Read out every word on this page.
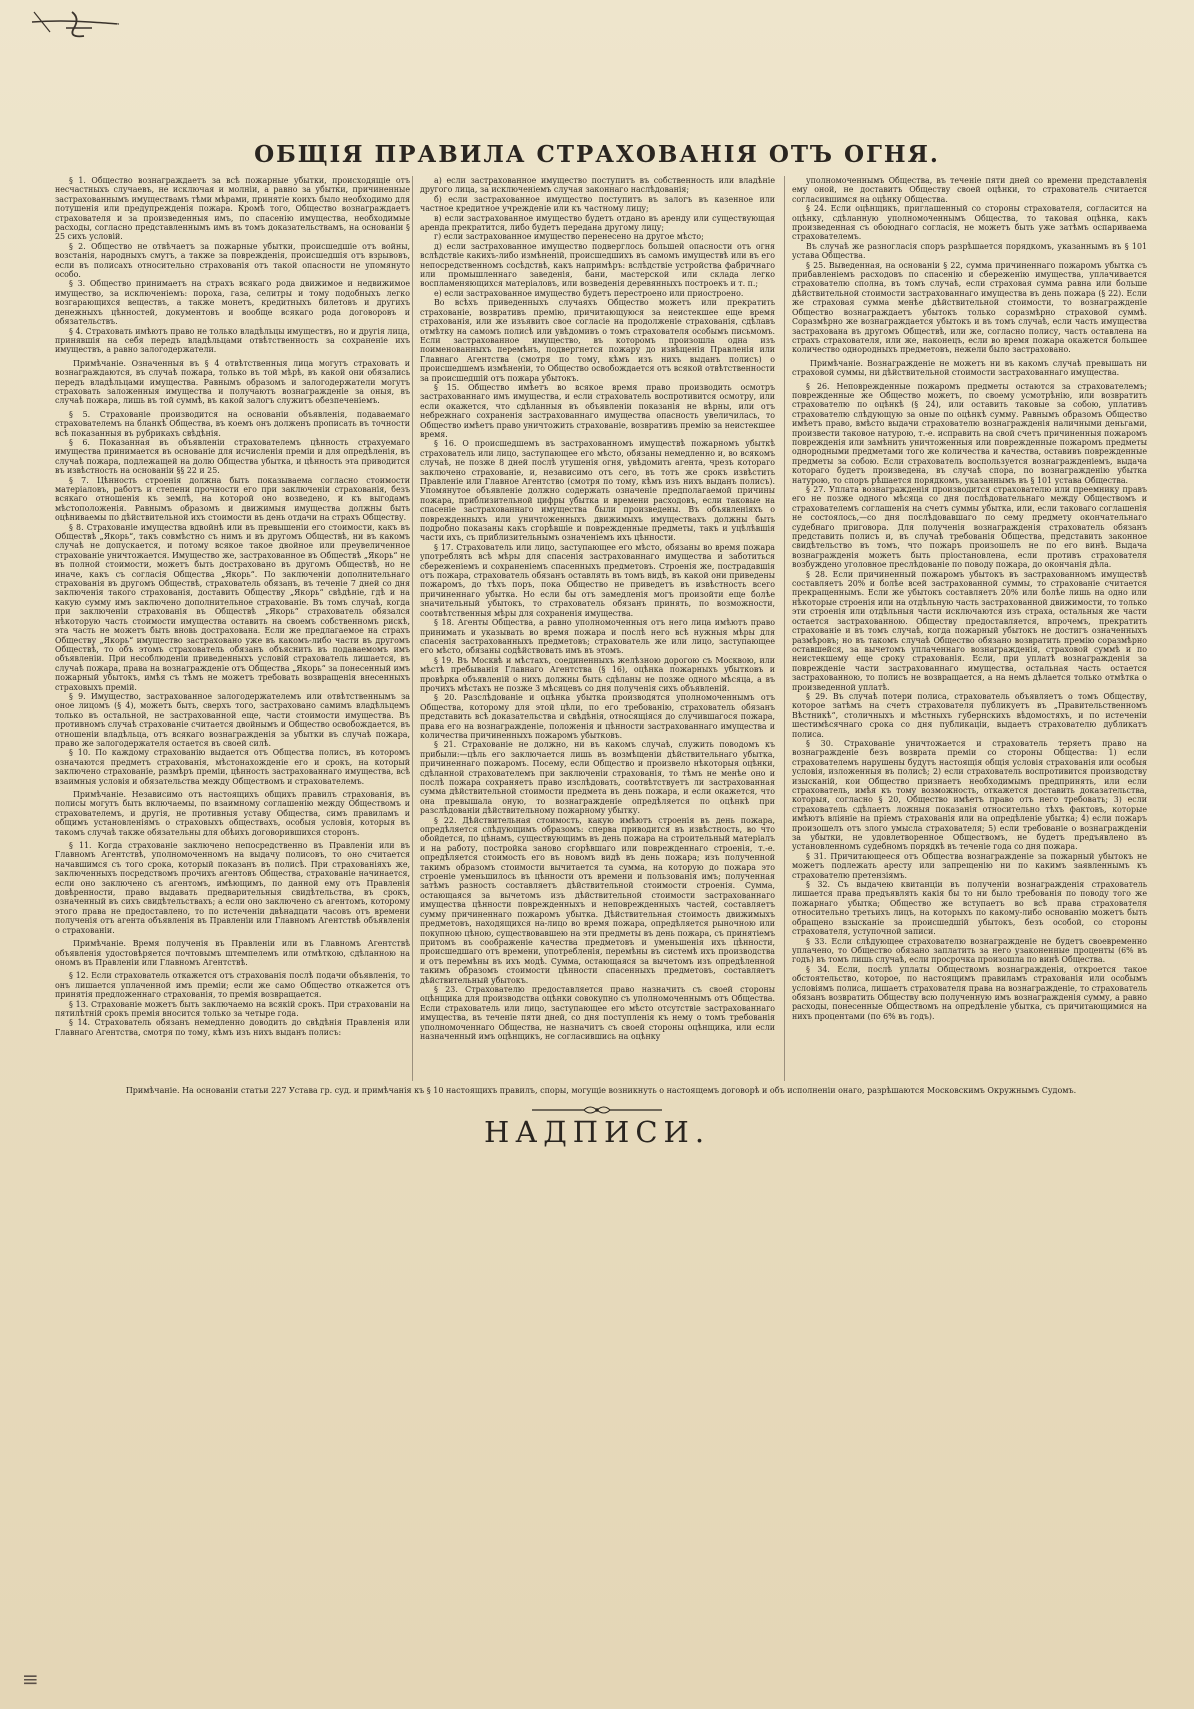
ОБЩІЯ ПРАВИЛА СТРАХОВАНІЯ ОТЪ ОГНЯ.

§ 1. Общество вознаграждаетъ за всѣ пожарные убытки, происходящіе отъ несчастныхъ случаевъ, не исключая и молніи, а равно за убытки, причиненные застрахованнымъ имуществамъ тѣми мѣрами, принятіе коихъ было необходимо для потушенія или предупрежденія пожара. Кромѣ того, Общество вознаграждаетъ страхователя и за произведенныя имъ, по спасенію имущества, необходимые расходы, согласно представленнымъ имъ въ томъ доказательствамъ, на основаніи § 25 сихъ условій.

§ 2. Общество не отвѣчаетъ за пожарные убытки, происшедшіе отъ войны, возстанія, народныхъ смутъ, а также за поврежденія, происшедшія отъ взрывовъ, если въ полисахъ относительно страхованія отъ такой опасности не упомянуто особо.

§ 3. Общество принимаетъ на страхъ всякаго рода движимое и недвижимое имущество, за исключеніемъ: пороха, газа, селитры и тому подобныхъ легко возгарающихся веществъ, а также монетъ, кредитныхъ билетовъ и другихъ денежныхъ цѣнностей, документовъ и вообще всякаго рода договоровъ и обязательствъ.

§ 4. Страховать имѣютъ право не только владѣльцы имуществъ, но и другія лица, принявшія на себя передъ владѣльцами отвѣтственность за сохраненіе ихъ имуществъ, а равно залогодержатели.

Примѣчаніе. Означенныя въ § 4 отвѣтственныя лица могутъ страховать и вознаграждаются, въ случаѣ пожара, только въ той мѣрѣ, въ какой они обязались передъ владѣльцами имущества. Равнымъ образомъ и залогодержатели могутъ страховать заложенныя имущества и получаютъ вознагражденіе за оныя, въ случаѣ пожара, лишь въ той суммѣ, въ какой залогъ служитъ обезпеченіемъ.

§ 5. Страхованіе производится на основаніи объявленія, подаваемаго страхователемъ на бланкѣ Общества, въ коемъ онъ долженъ прописать въ точности всѣ показанныя въ рубрикахъ свѣдѣнія.

§ 6. Показанная въ объявленіи страхователемъ цѣнность страхуемаго имущества принимается въ основаніе для исчисленія преміи и для опредѣленія, въ случаѣ пожара, подлежащей на долю Общества убытка, и цѣнность эта приводится въ извѣстность на основаніи §§ 22 и 25.

§ 7. Цѣнность строенія должна быть показываема согласно стоимости матеріаловъ, работъ и степени прочности его при заключеніи страхованія, безъ всякаго отношенія къ землѣ, на которой оно возведено, и къ выгодамъ мѣстоположенія. Равнымъ образомъ и движимыя имущества должны быть оцѣниваемы по дѣйствительной ихъ стоимости въ день отдачи на страхъ Обществу.

§ 8. Страхованіе имущества вдвойнѣ или въ превышеніи его стоимости, какъ въ Обществѣ „Якорь“, такъ совмѣстно съ нимъ и въ другомъ Обществѣ, ни въ какомъ случаѣ не допускается, и потому всякое такое двойное или преувеличенное страхованіе уничтожается. Имущество же, застрахованное въ Обществѣ „Якорь“ не въ полной стоимости, можетъ быть дострахованo въ другомъ Обществѣ, но не иначе, какъ съ согласія Общества „Якорь“. По заключеніи дополнительнаго страхованія въ другомъ Обществѣ, страхователь обязанъ, въ теченіе 7 дней со дня заключенія такого страхованія, доставить Обществу „Якорь“ свѣдѣніе, гдѣ и на какую сумму имъ заключено дополнительное страхованіе. Въ томъ случаѣ, когда при заключеніи страхованія въ Обществѣ „Якорь“ страхователь обязался нѣкоторую часть стоимости имущества оставить на своемъ собственномъ рискѣ, эта часть не можетъ быть вновь дострахована. Если же предлагаемое на страхъ Обществу „Якорь“ имущество застраховано уже въ какомъ-либо части въ другомъ Обществѣ, то объ этомъ страхователь обязанъ объяснить въ подаваемомъ имъ объявленіи. При несоблюденіи приведенныхъ условій страхователь лишается, въ случаѣ пожара, права на вознагражденіе отъ Общества „Якорь“ за понесенный имъ пожарный убытокъ, имѣя съ тѣмъ не можетъ требовать возвращенія внесенныхъ страховыхъ премій.

§ 9. Имущество, застрахованное залогодержателемъ или отвѣтственнымъ за оное лицомъ (§ 4), можетъ быть, сверхъ того, застраховано самимъ владѣльцемъ только въ остальной, не застрахованной еще, части стоимости имущества. Въ противномъ случаѣ страхованіе считается двойнымъ и Общество освобождается, въ отношеніи владѣльца, отъ всякаго вознагражденія за убытки въ случаѣ пожара, право же залогодержателя остается въ своей силѣ.

§ 10. По каждому страхованію выдается отъ Общества полисъ, въ которомъ означаются предметъ страхованія, мѣстонахожденіе его и срокъ, на который заключено страхованіе, размѣръ преміи, цѣнность застрахованнаго имущества, всѣ взаимныя условія и обязательства между Обществомъ и страхователемъ.

Примѣчаніе. Независимо отъ настоящихъ общихъ правилъ страхованія, въ полисы могутъ быть включаемы, по взаимному соглашенію между Обществомъ и страхователемъ, и другія, не противныя уставу Общества, симъ правиламъ и общимъ установленіямъ о страховыхъ обществахъ, особыя условія, которыя въ такомъ случаѣ также обязательны для обѣихъ договорившихся сторонъ.

§ 11. Когда страхованіе заключено непосредственно въ Правленіи или въ Главномъ Агентствѣ, уполномоченномъ на выдачу полисовъ, то оно считается начавшимся съ того срока, который показанъ въ полисѣ. При страхованіяхъ же, заключенныхъ посредствомъ прочихъ агентовъ Общества, страхованіе начинается, если оно заключено съ агентомъ, имѣющимъ, по данной ему отъ Правленія довѣренности, право выдавать предварительныя свидѣтельства, въ срокъ, означенный въ сихъ свидѣтельствахъ; а если оно заключено съ агентомъ, которому этого права не предоставлено, то по истеченіи двѣнадцати часовъ отъ времени полученія отъ агента объявленія въ Правленіи или Главномъ Агентствѣ объявленія о страхованіи.

Примѣчаніе. Время полученія въ Правленіи или въ Главномъ Агентствѣ объявленія удостовѣряется почтовымъ штемпелемъ или отмѣткою, сдѣланною на ономъ въ Правленіи или Главномъ Агентствѣ.

§ 12. Если страхователь откажется отъ страхованія послѣ подачи объявленія, то онъ лишается уплаченной имъ преміи; если же само Общество откажется отъ принятія предложеннаго страхованія, то премія возвращается.

§ 13. Страхованіе можетъ быть заключаемо на всякій срокъ. При страхованіи на пятилѣтній срокъ премія вносится только за четыре года.

§ 14. Страхователь обязанъ немедленно доводить до свѣдѣнія Правленія или Главнаго Агентства, смотря по тому, кѣмъ изъ нихъ выданъ полисъ:

а) если застрахованное имущество поступитъ въ собственность или владѣніе другого лица, за исключеніемъ случая законнаго наслѣдованія;

б) если застрахованное имущество поступитъ въ залогъ въ казенное или частное кредитное учрежденіе или къ частному лицу;

в) если застрахованное имущество будетъ отдано въ аренду или существующая аренда прекратится, либо будетъ передана другому лицу;

г) если застрахованное имущество перенесено на другое мѣсто;

д) если застрахованное имущество подверглось большей опасности отъ огня вслѣдствіе какихъ-либо измѣненій, происшедшихъ въ самомъ имуществѣ или въ его непосредственномъ сосѣдствѣ, какъ напримѣръ: вслѣдствіе устройства фабричнаго или промышленнаго заведенія, бани, мастерской или склада легко воспламеняющихся матеріаловъ, или возведенія деревянныхъ построекъ и т. п.;

е) если застрахованное имущество будетъ перестроено или приостроено.

Во всѣхъ приведенныхъ случаяхъ Общество можетъ или прекратить страхованіе, возвративъ премію, причитающуюся за неистекшее еще время страхованія, или же изъявить свое согласіе на продолженіе страхованія, сдѣлавъ отмѣтку на самомъ полисѣ или увѣдомивъ о томъ страхователя особымъ письмомъ. Если застрахованное имущество, въ которомъ произошла одна изъ поименованныхъ перемѣнъ, подвергнется пожару до извѣщенія Правленія или Главнаго Агентства (смотря по тому, кѣмъ изъ нихъ выданъ полисъ) о происшедшемъ измѣненіи, то Общество освобождается отъ всякой отвѣтственности за происшедшій отъ пожара убытокъ.

§ 15. Общество имѣетъ во всякое время право производить осмотръ застрахованнаго имъ имущества, и если страхователь воспротивится осмотру, или если окажется, что сдѣланныя въ объявленіи показанія не вѣрны, или отъ небрежнаго сохраненія застрахованнаго имущества опасность увеличилась, то Общество имѣетъ право уничтожить страхованіе, возвративъ премію за неистекшее время.

§ 16. О происшедшемъ въ застрахованномъ имуществѣ пожарномъ убыткѣ страхователь или лицо, заступающее его мѣсто, обязаны немедленно и, во всякомъ случаѣ, не позже 8 дней послѣ утушенія огня, увѣдомить агента, чрезъ котораго заключено страхованіе, и, независимо отъ сего, въ тотъ же срокъ извѣстить Правленіе или Главное Агентство (смотря по тому, кѣмъ изъ нихъ выданъ полисъ). Упомянутое объявленіе должно содержать означеніе предполагаемой причины пожара, приблизительной цифры убытка и времени расходовъ, если таковые на спасеніе застрахованнаго имущества были произведены. Въ объявленіяхъ о поврежденныхъ или уничтоженныхъ движимыхъ имуществахъ должны быть подробно показаны какъ сгорѣвшіе и поврежденные предметы, такъ и уцѣлѣвшія части ихъ, съ приблизительнымъ означеніемъ ихъ цѣнности.

§ 17. Страхователь или лицо, заступающее его мѣсто, обязаны во время пожара употреблять всѣ мѣры для спасенія застрахованнаго имущества и заботиться сбереженіемъ и сохраненіемъ спасенныхъ предметовъ. Строенія же, пострадавшія отъ пожара, страхователь обязанъ оставлять въ томъ видѣ, въ какой они приведены пожаромъ, до тѣхъ поръ, пока Общество не приведетъ въ извѣстность всего причиненнаго убытка. Но если бы отъ замедленія могъ произойти еще болѣе значительный убытокъ, то страхователь обязанъ принять, по возможности, соотвѣтственныя мѣры для сохраненія имущества.

§ 18. Агенты Общества, а равно уполномоченныя отъ него лица имѣютъ право принимать и указывать во время пожара и послѣ него всѣ нужныя мѣры для спасенія застрахованныхъ предметовъ; страхователь же или лицо, заступающее его мѣсто, обязаны содѣйствовать имъ въ этомъ.

§ 19. Въ Москвѣ и мѣстахъ, соединенныхъ желѣзною дорогою съ Москвою, или мѣстѣ пребыванія Главнаго Агентства (§ 16), оцѣнка пожарныхъ убытковъ и провѣрка объявленій о нихъ должны быть сдѣланы не позже одного мѣсяца, а въ прочихъ мѣстахъ не позже 3 мѣсяцевъ со дня полученія сихъ объявленій.

§ 20. Разслѣдованіе и оцѣнка убытка производятся уполномоченнымъ отъ Общества, которому для этой цѣли, по его требованію, страхователь обязанъ представить всѣ доказательства и свѣдѣнія, относящіяся до случившагося пожара, права его на вознагражденіе, положенія и цѣнности застрахованнаго имущества и количества причиненныхъ пожаромъ убытковъ.

§ 21. Страхованіе не должно, ни въ какомъ случаѣ, служить поводомъ къ прибыли:—цѣль его заключается лишь въ возмѣщеніи дѣйствительнаго убытка, причиненнаго пожаромъ. Посему, если Общество и произвело нѣкоторыя оцѣнки, сдѣланной страхователемъ при заключеніи страхованія, то тѣмъ не менѣе оно и послѣ пожара сохраняетъ право изслѣдовать, соотвѣтствуетъ ли застрахованная сумма дѣйствительной стоимости предмета въ день пожара, и если окажется, что она превышала оную, то вознагражденіе опредѣляется по оцѣнкѣ при разслѣдованіи дѣйствительному пожарному убытку.

§ 22. Дѣйствительная стоимость, какую имѣютъ строенія въ день пожара, опредѣляется слѣдующимъ образомъ: сперва приводится въ извѣстность, во что обойдется, по цѣнамъ, существующимъ въ день пожара на строительный матеріалъ и на работу, постройка заново сгорѣвшаго или поврежденнаго строенія, т.-е. опредѣляется стоимость его въ новомъ видѣ въ день пожара; изъ полученной такимъ образомъ стоимости вычитается та сумма, на которую до пожара это строеніе уменьшилось въ цѣнности отъ времени и пользованія имъ; полученная затѣмъ разность составляетъ дѣйствительной стоимости строенія. Сумма, остающаяся за вычетомъ изъ дѣйствительной стоимости застрахованнаго имущества цѣнности поврежденныхъ и неповрежденныхъ частей, составляетъ сумму причиненнаго пожаромъ убытка. Дѣйствительная стоимость движимыхъ предметовъ, находящихся на-лицо во время пожара, опредѣляется рыночною или покупною цѣною, существовавшею на эти предметы въ день пожара, съ принятіемъ притомъ въ соображеніе качества предметовъ и уменьшенія ихъ цѣнности, происшедшаго отъ времени, употребленія, перемѣны въ системѣ ихъ производства и отъ перемѣны въ ихъ модѣ. Сумма, остающаяся за вычетомъ изъ опредѣленной такимъ образомъ стоимости цѣнности спасенныхъ предметовъ, составляетъ дѣйствительный убытокъ.

§ 23. Страхователю предоставляется право назначить съ своей стороны оцѣнщика для производства оцѣнки совокупно съ уполномоченнымъ отъ Общества. Если страхователь или лицо, заступающее его мѣсто отсутствіе застрахованнаго имущества, въ теченіе пяти дней, со дня поступленія къ нему о томъ требованія уполномоченнаго Общества, не назначитъ съ своей стороны оцѣнщика, или если назначенный имъ оцѣнщикъ, не согласившись на оцѣнку

уполномоченнымъ Общества, въ теченіе пяти дней со времени представленія ему оной, не доставитъ Обществу своей оцѣнки, то страхователь считается согласившимся на оцѣнку Общества.

§ 24. Если оцѣнщикъ, приглашенный со стороны страхователя, согласится на оцѣнку, сдѣланную уполномоченнымъ Общества, то таковая оцѣнка, какъ произведенная съ обоюднаго согласія, не можетъ быть уже затѣмъ оспариваема страхователемъ.

Въ случаѣ же разногласія споръ разрѣшается порядкомъ, указаннымъ въ § 101 устава Общества.

§ 25. Выведенная, на основаніи § 22, сумма причиненнаго пожаромъ убытка съ прибавленіемъ расходовъ по спасенію и сбереженію имущества, уплачивается страхователю сполна, въ томъ случаѣ, если страховая сумма равна или больше дѣйствительной стоимости застрахованнаго имущества въ день пожара (§ 22). Если же страховая сумма менѣе дѣйствительной стоимости, то вознагражденіе Общество вознаграждаетъ убытокъ только соразмѣрно страховой суммѣ. Соразмѣрно же вознаграждается убытокъ и въ томъ случаѣ, если часть имущества застрахована въ другомъ Обществѣ, или же, согласно полису, часть оставлена на страхъ страхователя, или же, наконецъ, если во время пожара окажется большее количество однородныхъ предметовъ, нежели было застраховано.

Примѣчаніе. Вознагражденіе не можетъ ни въ какомъ случаѣ превышать ни страховой суммы, ни дѣйствительной стоимости застрахованнаго имущества.

§ 26. Неповрежденные пожаромъ предметы остаются за страхователемъ; поврежденные же Общество можетъ, по своему усмотрѣнію, или возвратить страхователю по оцѣнкѣ (§ 24), или оставить таковые за собою, уплативъ страхователю слѣдующую за оные по оцѣнкѣ сумму. Равнымъ образомъ Общество имѣетъ право, вмѣсто выдачи страхователю вознагражденія наличными деньгами, произвести таковое натурою, т.-е. исправить на свой счетъ причиненныя пожаромъ поврежденія или замѣнить уничтоженныя или поврежденные пожаромъ предметы однородными предметами того же количества и качества, оставивъ поврежденные предметы за собою. Если страхователь воспользуется вознагражденіемъ, выдача котораго будетъ произведена, въ случаѣ спора, по вознагражденію убытка натурою, то споръ рѣшается порядкомъ, указаннымъ въ § 101 устава Общества.

§ 27. Уплата вознагражденія производится страхователю или преемнику правъ его не позже одного мѣсяца со дня послѣдовательнаго между Обществомъ и страхователемъ соглашенія на счетъ суммы убытка, или, если таковаго соглашенія не состоялось,—со дня послѣдовавшаго по сему предмету окончательнаго судебнаго приговора. Для полученія вознагражденія страхователь обязанъ представить полисъ и, въ случаѣ требованія Общества, представить законное свидѣтельство въ томъ, что пожаръ произошелъ не по его винѣ. Выдача вознагражденія можетъ быть пріостановлена, если противъ страхователя возбуждено уголовное преслѣдованіе по поводу пожара, до окончанія дѣла.

§ 28. Если причиненный пожаромъ убытокъ въ застрахованномъ имуществѣ составляетъ 20% и болѣе всей застрахованной суммы, то страхованіе считается прекращеннымъ. Если же убытокъ составляетъ 20% или болѣе лишь на одно или нѣкоторые строенія или на отдѣльную часть застрахованной движимости, то только эти строенія или отдѣльныя части исключаются изъ страха, остальныя же части остается застрахованною. Обществу предоставляется, впрочемъ, прекратить страхованіе и въ томъ случаѣ, когда пожарный убытокъ не достигъ означенныхъ размѣровъ; но въ такомъ случаѣ Общество обязано возвратить премію соразмѣрно оставшейся, за вычетомъ уплаченнаго вознагражденія, страховой суммѣ и по неистекшему еще сроку страхованія. Если, при уплатѣ вознагражденія за поврежденіе части застрахованнаго имущества, остальная часть остается застрахованною, то полисъ не возвращается, а на немъ дѣлается только отмѣтка о произведенной уплатѣ.

§ 29. Въ случаѣ потери полиса, страхователь объявляетъ о томъ Обществу, которое затѣмъ на счетъ страхователя публикуетъ въ „Правительственномъ Вѣстникѣ“, столичныхъ и мѣстныхъ губернскихъ вѣдомостяхъ, и по истеченіи шестимѣсячнаго срока со дня публикаціи, выдаетъ страхователю дубликатъ полиса.

§ 30. Страхованіе уничтожается и страхователь теряетъ право на вознагражденіе безъ возврата преміи со стороны Общества: 1) если страхователемъ нарушены будутъ настоящія общія условія страхованія или особыя условія, изложенныя въ полисѣ; 2) если страхователь воспротивится производству изысканій, кои Общество признаетъ необходимымъ предпринять, или если страхователь, имѣя къ тому возможность, откажется доставить доказательства, которыя, согласно § 20, Общество имѣетъ право отъ него требовать; 3) если страхователь сдѣлаетъ ложныя показанія относительно тѣхъ фактовъ, которые имѣютъ вліяніе на пріемъ страхованія или на опредѣленіе убытка; 4) если пожаръ произошелъ отъ злого умысла страхователя; 5) если требованіе о вознагражденіи за убытки, не удовлетворенное Обществомъ, не будетъ предъявлено въ установленномъ судебномъ порядкѣ въ теченіе года со дня пожара.

§ 31. Причитающееся отъ Общества вознагражденіе за пожарный убытокъ не можетъ подлежать аресту или запрещенію ни по какимъ заявленнымъ къ страхователю претензіямъ.

§ 32. Съ выдачею квитанціи въ полученіи вознагражденія страхователь лишается права предъявлять какія бы то ни было требованія по поводу того же пожарнаго убытка; Общество же вступаетъ во всѣ права страхователя относительно третьихъ лицъ, на которыхъ по какому-либо основанію можетъ быть обращено взысканіе за происшедшій убытокъ, безъ особой, со стороны страхователя, уступочной записи.

§ 33. Если слѣдующее страхователю вознагражденіе не будетъ своевременно уплачено, то Общество обязано заплатить за него узаконенные проценты (6% въ годъ) въ томъ лишь случаѣ, если просрочка произошла по винѣ Общества.

§ 34. Если, послѣ уплаты Обществомъ вознагражденія, откроется такое обстоятельство, которое, по настоящимъ правиламъ страхованія или особымъ условіямъ полиса, лишаетъ страхователя права на вознагражденіе, то страхователь обязанъ возвратить Обществу всю полученную имъ вознагражденія сумму, а равно расходы, понесенные Обществомъ на опредѣленіе убытка, съ причитающимися на нихъ процентами (по 6% въ годъ).

Примѣчаніе. На основаніи статьи 227 Устава гр. суд. и примѣчанія къ § 10 настоящихъ правилъ, споры, могущіе возникнуть о настоящемъ договорѣ и объ исполненіи онаго, разрѣшаются Московскимъ Окружнымъ Судомъ.
НАДПИСИ.
≡
